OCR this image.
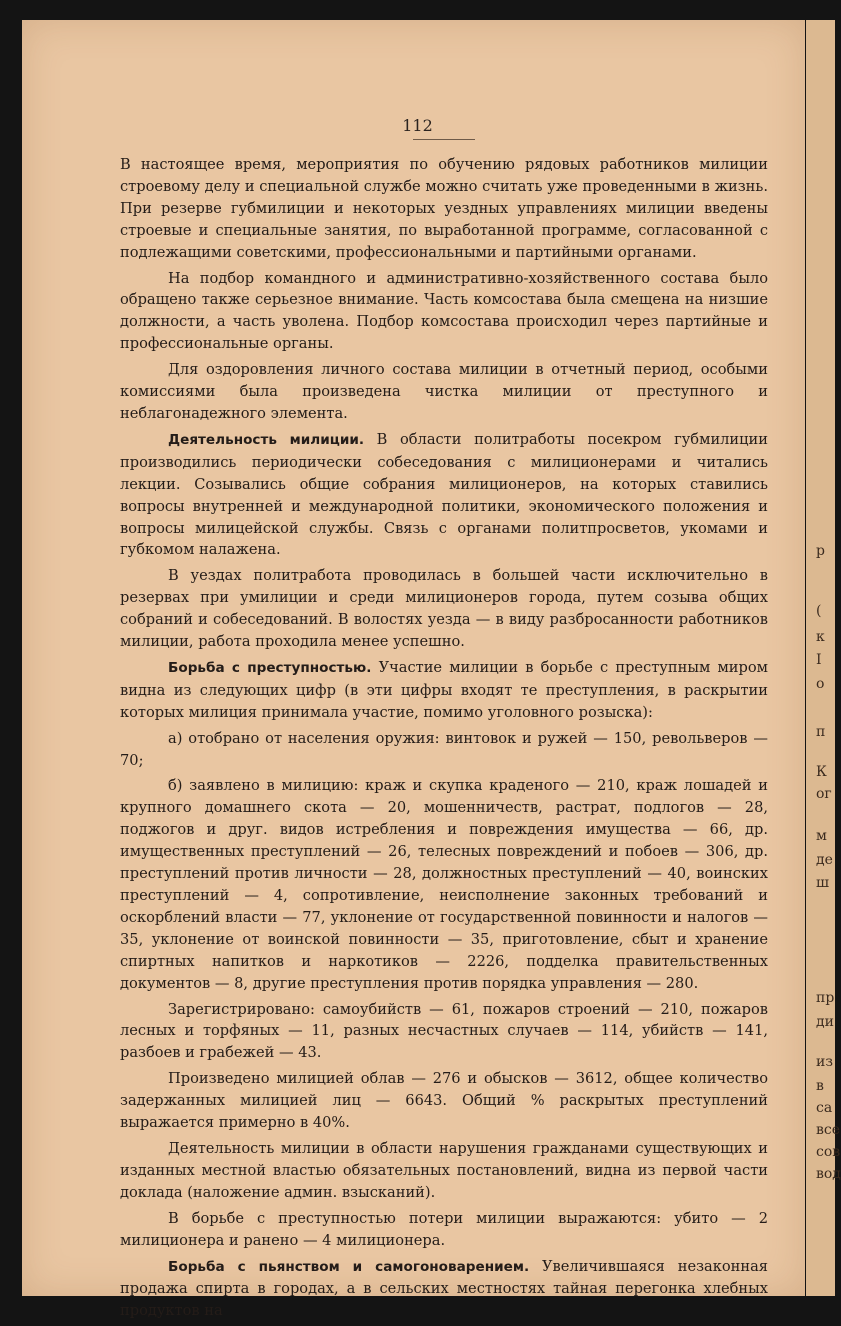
р
(
к
І
о
п
К
ог
м
де
ш
пр
ди
из
в
са
все
сов
вод
112

В настоящее время, мероприятия по обучению рядовых работников милиции строевому делу и специальной службе можно считать уже проведенными в жизнь. При резерве губмилиции и некоторых уездных управлениях милиции введены строевые и специальные занятия, по выработанной программе, согласованной с подлежащими советскими, профессиональными и партийными органами.

На подбор командного и административно-хозяйственного состава было обращено также серьезное внимание. Часть комсостава была смещена на низшие должности, а часть уволена. Подбор комсостава происходил через партийные и профессиональные органы.

Для оздоровления личного состава милиции в отчетный период, особыми комиссиями была произведена чистка милиции от преступного и неблагонадежного элемента.

Деятельность милиции. В области политработы посекром губмилиции производились периодически собеседования с милиционерами и читались лекции. Созывались общие собрания милиционеров, на которых ставились вопросы внутренней и международной политики, экономического положения и вопросы милицейской службы. Связь с органами политпросветов, укомами и губкомом налажена.

В уездах политработа проводилась в большей части исключительно в резервах при умилиции и среди милиционеров города, путем созыва общих собраний и собеседований. В волостях уезда — в виду разбросанности работников милиции, работа проходила менее успешно.

Борьба с преступностью. Участие милиции в борьбе с преступным миром видна из следующих цифр (в эти цифры входят те преступления, в раскрытии которых милиция принимала участие, помимо уголовного розыска):

а) отобрано от населения оружия: винтовок и ружей — 150, револьверов — 70;

б) заявлено в милицию: краж и скупка краденого — 210, краж лошадей и крупного домашнего скота — 20, мошенничеств, растрат, подлогов — 28, поджогов и друг. видов истребления и повреждения имущества — 66, др. имущественных преступлений — 26, телесных повреждений и побоев — 306, др. преступлений против личности — 28, должностных преступлений — 40, воинских преступлений — 4, сопротивление, неисполнение законных требований и оскорблений власти — 77, уклонение от государственной повинности и налогов — 35, уклонение от воинской повинности — 35, приготовление, сбыт и хранение спиртных напитков и наркотиков — 2226, подделка правительственных документов — 8, другие преступления против порядка управления — 280.

Зарегистрировано: самоубийств — 61, пожаров строений — 210, пожаров лесных и торфяных — 11, разных несчастных случаев — 114, убийств — 141, разбоев и грабежей — 43.

Произведено милицией облав — 276 и обысков — 3612, общее количество задержанных милицией лиц — 6643. Общий % раскрытых преступлений выражается примерно в 40%.

Деятельность милиции в области нарушения гражданами существующих и изданных местной властью обязательных постановлений, видна из первой части доклада (наложение админ. взысканий).

В борьбе с преступностью потери милиции выражаются: убито — 2 милиционера и ранено — 4 милиционера.

Борьба с пьянством и самогоноварением. Увеличившаяся незаконная продажа спирта в городах, а в сельских местностях тайная перегонка хлебных продуктов на
